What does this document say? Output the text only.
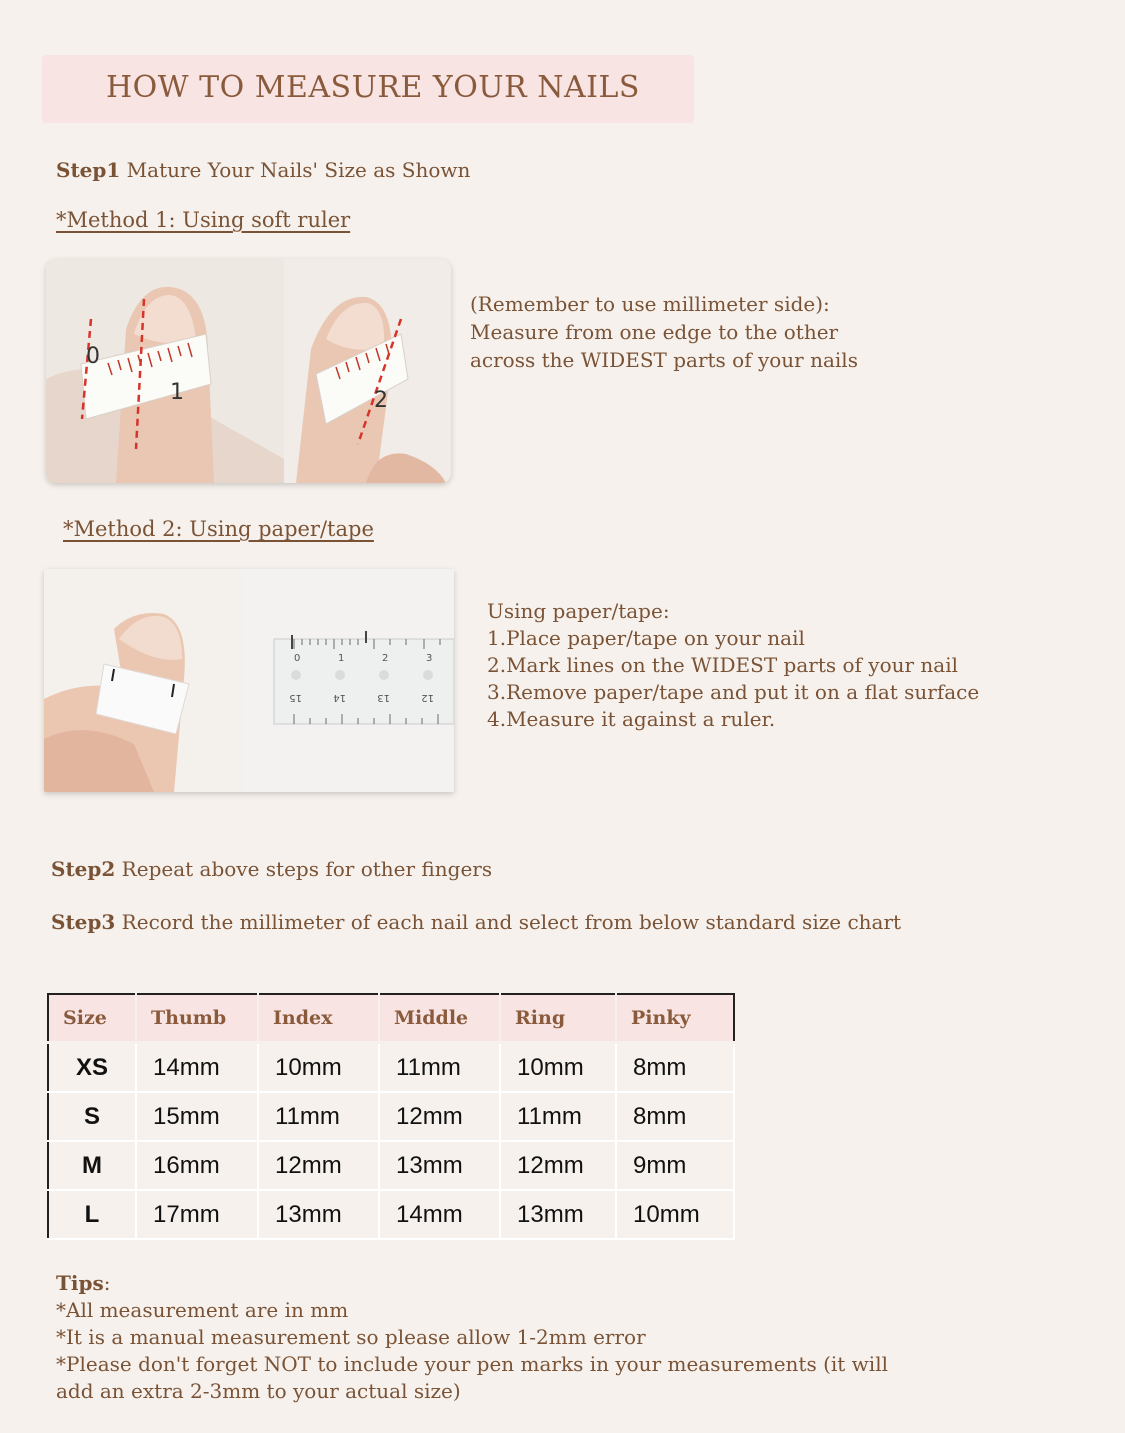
HOW TO MEASURE YOUR NAILS
Step1 Mature Your Nails' Size as Shown
*Method 1: Using soft ruler
0
1	2
(Remember to use millimeter side):
Measure from one edge to the other
across the WIDEST parts of your nails
*Method 2: Using paper/tape
0	1	2	3
15	14	13	12
Using paper/tape:
1.Place paper/tape on your nail
2.Mark lines on the WIDEST parts of your nail
3.Remove paper/tape and put it on a flat surface
4.Measure it against a ruler.
Step2 Repeat above steps for other fingers
Step3 Record the millimeter of each nail and select from below standard size chart
Size	Thumb	Index	Middle	Ring	Pinky
XS	14mm	10mm	11mm	10mm	8mm
S	15mm	11mm	12mm	11mm	8mm
M	16mm	12mm	13mm	12mm	9mm
L	17mm	13mm	14mm	13mm	10mm
Tips:
*All measurement are in mm
*It is a manual measurement so please allow 1-2mm error
*Please don't forget NOT to include your pen marks in your measurements (it will
add an extra 2-3mm to your actual size)
